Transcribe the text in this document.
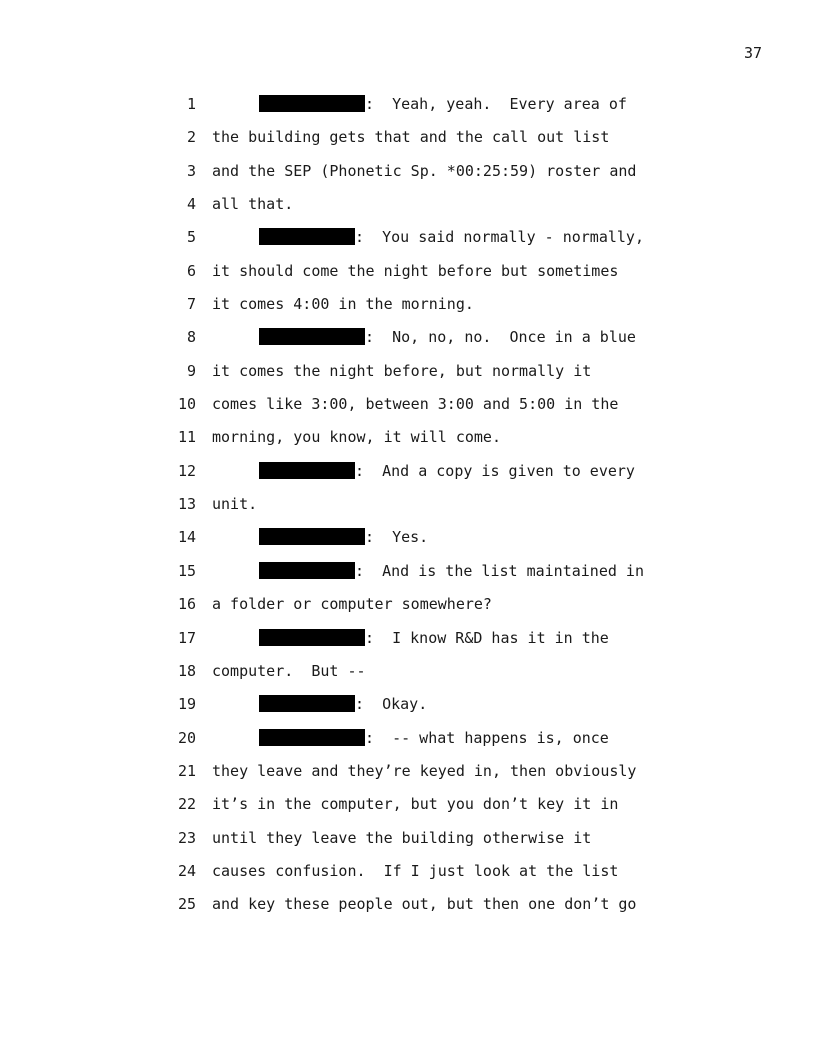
37
1	:  Yeah, yeah.  Every area of
2 the building gets that and the call out list
3 and the SEP (Phonetic Sp. *00:25:59) roster and
4 all that.
5	:  You said normally - normally,
6 it should come the night before but sometimes
7 it comes 4:00 in the morning.
8	:  No, no, no.  Once in a blue
9 it comes the night before, but normally it
10 comes like 3:00, between 3:00 and 5:00 in the
11 morning, you know, it will come.
12	:  And a copy is given to every
13 unit.
14	:  Yes.
15	:  And is the list maintained in
16 a folder or computer somewhere?
17	:  I know R&D has it in the
18 computer.  But --
19	:  Okay.
20	:  -- what happens is, once
21 they leave and they’re keyed in, then obviously
22 it’s in the computer, but you don’t key it in
23 until they leave the building otherwise it
24 causes confusion.  If I just look at the list
25 and key these people out, but then one don’t go
